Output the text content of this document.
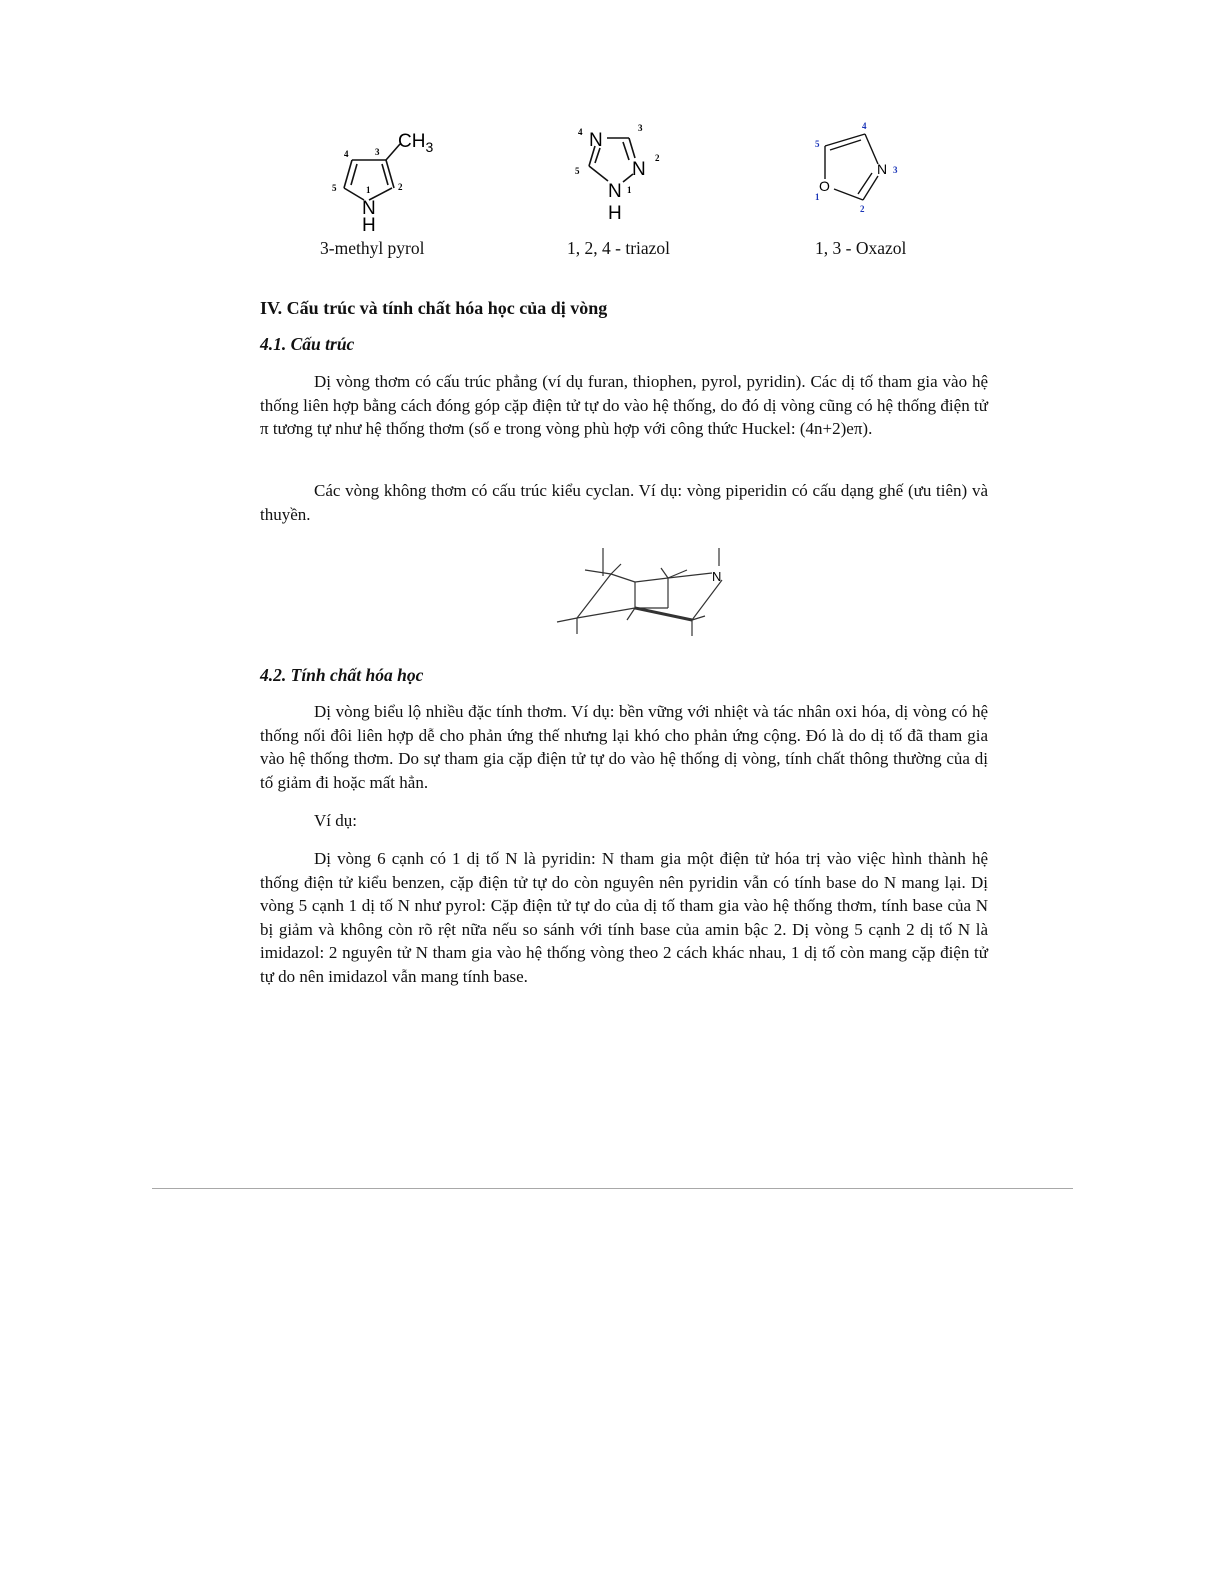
$CH_3$
N
H
1	2
3
4
5
3-methyl pyrol
N
N
N
H
1
2
3
4
5
1, 2, 4 - triazol
O
N
1
2
3
4
5
1, 3 - Oxazol
IV. Cấu trúc và tính chất hóa học của dị vòng
4.1. Cấu trúc

Dị vòng thơm có cấu trúc phẳng (ví dụ furan, thiophen, pyrol, pyridin). Các dị tố tham gia vào hệ thống liên hợp bằng cách đóng góp cặp điện tử tự do vào hệ thống, do đó dị vòng cũng có hệ thống điện tử π tương tự như hệ thống thơm (số e trong vòng phù hợp với công thức Huckel: (4n+2)eπ).

Các vòng không thơm có cấu trúc kiểu cyclan. Ví dụ: vòng piperidin có cấu dạng ghế (ưu tiên) và thuyền.

N
4.2. Tính chất hóa học

Dị vòng biểu lộ nhiều đặc tính thơm. Ví dụ: bền vững với nhiệt và tác nhân oxi hóa, dị vòng có hệ thống nối đôi liên hợp dễ cho phản ứng thế nhưng lại khó cho phản ứng cộng. Đó là do dị tố đã tham gia vào hệ thống thơm. Do sự tham gia cặp điện tử tự do vào hệ thống dị vòng, tính chất thông thường của dị tố giảm đi hoặc mất hẳn.

Ví dụ:

Dị vòng 6 cạnh có 1 dị tố N là pyridin: N tham gia một điện tử hóa trị vào việc hình thành hệ thống điện tử kiểu benzen, cặp điện tử tự do còn nguyên nên pyridin vẫn có tính base do N mang lại. Dị vòng 5 cạnh 1 dị tố N như pyrol: Cặp điện tử tự do của dị tố tham gia vào hệ thống thơm, tính base của N bị giảm và không còn rõ rệt nữa nếu so sánh với tính base của amin bậc 2. Dị vòng 5 cạnh 2 dị tố N là imidazol: 2 nguyên tử N tham gia vào hệ thống vòng theo 2 cách khác nhau, 1 dị tố còn mang cặp điện tử tự do nên imidazol vẫn mang tính base.
